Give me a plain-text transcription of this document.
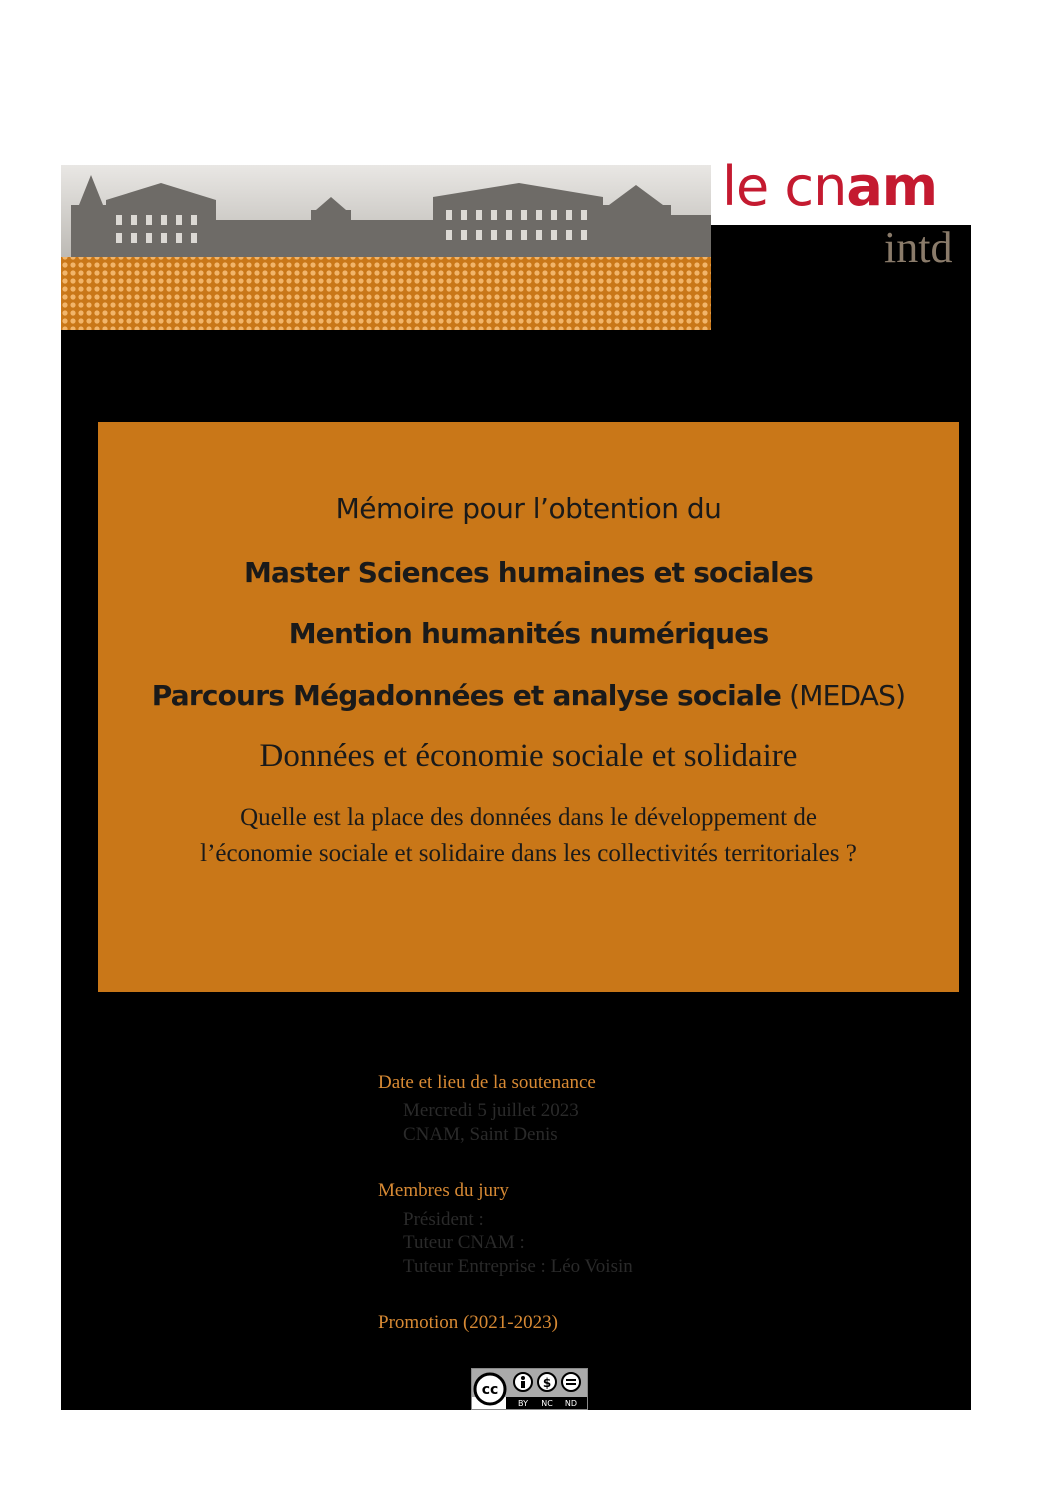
le cnam
intd
Mémoire pour l’obtention du
Master Sciences humaines et sociales
Mention humanités numériques
Parcours Mégadonnées et analyse sociale (MEDAS)
Données et économie sociale et solidaire
Quelle est la place des données dans le développement de
l’économie sociale et solidaire dans les collectivités territoriales ?
Date et lieu de la soutenance
Mercredi 5 juillet 2023
CNAM, Saint Denis
Membres du jury
Président :
Tuteur CNAM :
Tuteur Entreprise : Léo Voisin
Promotion (2021-2023)
cc	$
BY NC ND
